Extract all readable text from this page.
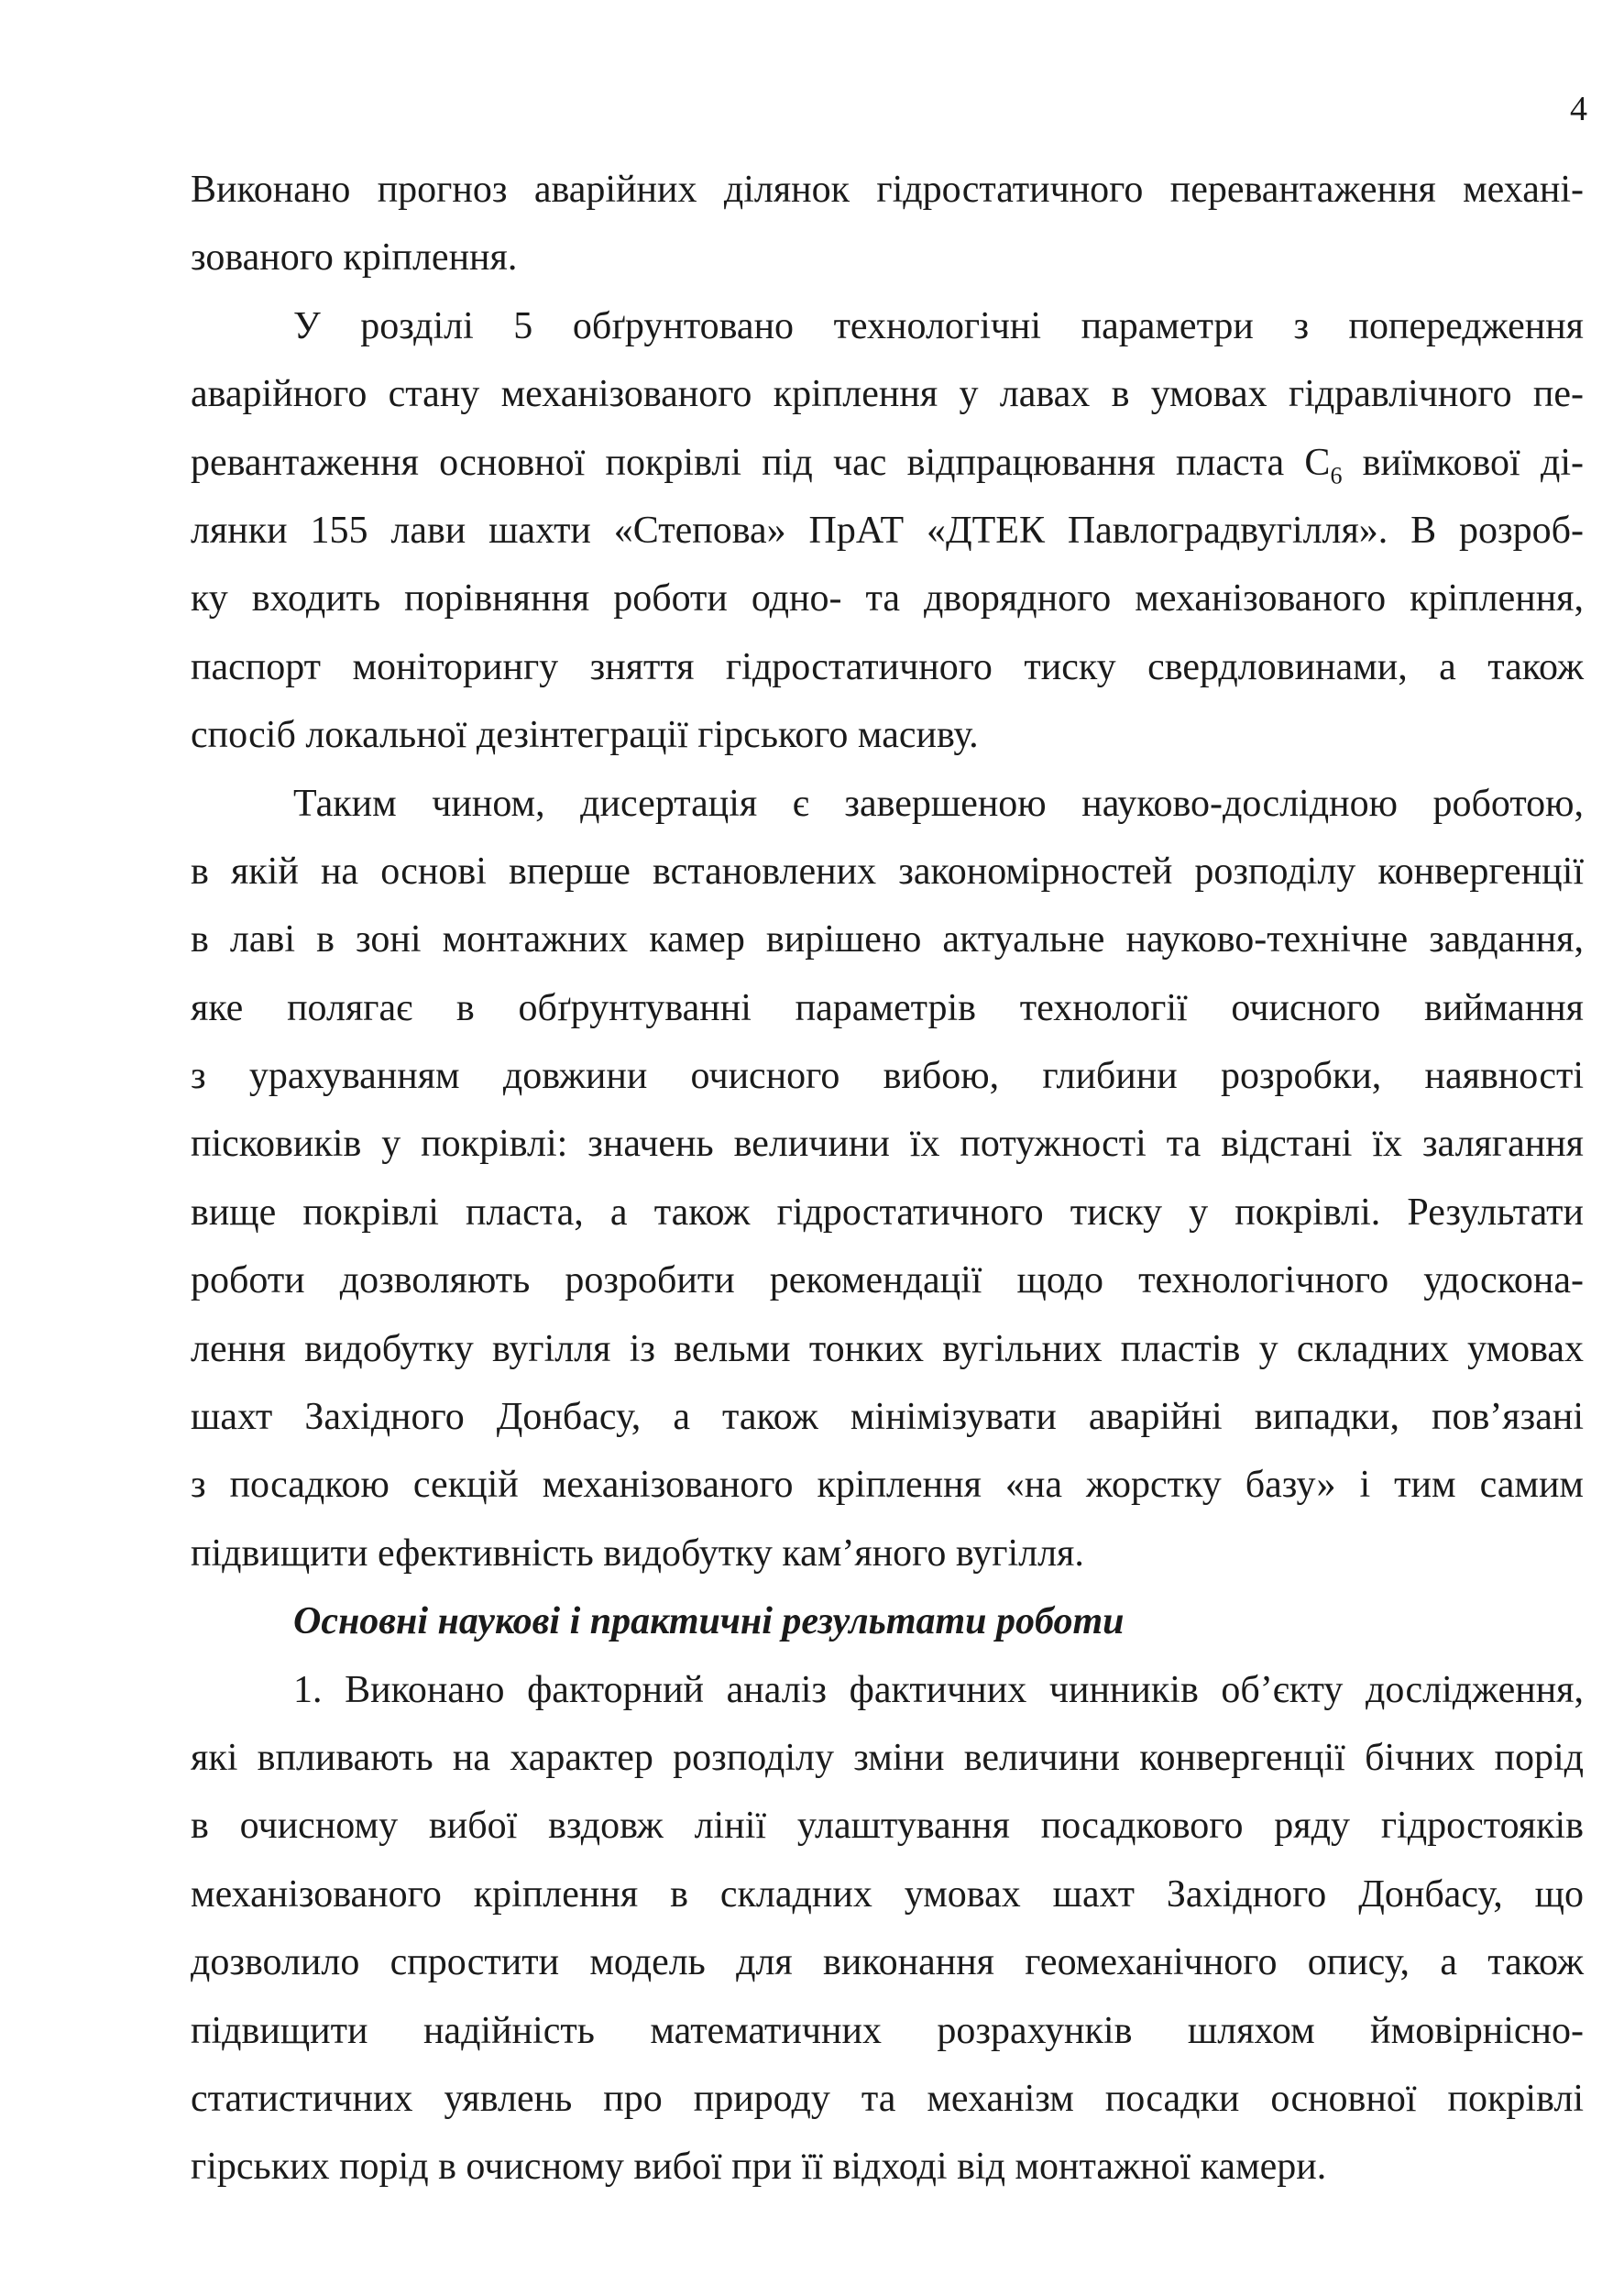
4
Виконано прогноз аварійних ділянок гідростатичного перевантаження механі-
зованого кріплення.
У розділі 5 обґрунтовано технологічні параметри з попередження
аварійного стану механізованого кріплення у лавах в умовах гідравлічного пе-
ревантаження основної покрівлі під час відпрацювання пласта $C_6$ виїмкової ді-
лянки 155 лави шахти «Степова» ПрАТ «ДТЕК Павлоградвугілля». В розроб-
ку входить порівняння роботи одно- та дворядного механізованого кріплення,
паспорт моніторингу зняття гідростатичного тиску свердловинами, а також
спосіб локальної дезінтеграції гірського масиву.
Таким чином, дисертація є завершеною науково-дослідною роботою,
в якій на основі вперше встановлених закономірностей розподілу конвергенції
в лаві в зоні монтажних камер вирішено актуальне науково-технічне завдання,
яке полягає в обґрунтуванні параметрів технології очисного виймання
з урахуванням довжини очисного вибою, глибини розробки, наявності
пісковиків у покрівлі: значень величини їх потужності та відстані їх залягання
вище покрівлі пласта, а також гідростатичного тиску у покрівлі. Результати
роботи дозволяють розробити рекомендації щодо технологічного удоскона-
лення видобутку вугілля із вельми тонких вугільних пластів у складних умовах
шахт Західного Донбасу, а також мінімізувати аварійні випадки, пов’язані
з посадкою секцій механізованого кріплення «на жорстку базу» і тим самим
підвищити ефективність видобутку кам’яного вугілля.
Основні наукові і практичні результати роботи
1. Виконано факторний аналіз фактичних чинників об’єкту дослідження,
які впливають на характер розподілу зміни величини конвергенції бічних порід
в очисному вибої вздовж лінії улаштування посадкового ряду гідростояків
механізованого кріплення в складних умовах шахт Західного Донбасу, що
дозволило спростити модель для виконання геомеханічного опису, а також
підвищити надійність математичних розрахунків шляхом ймовірнісно-
статистичних уявлень про природу та механізм посадки основної покрівлі
гірських порід в очисному вибої при її відході від монтажної камери.
